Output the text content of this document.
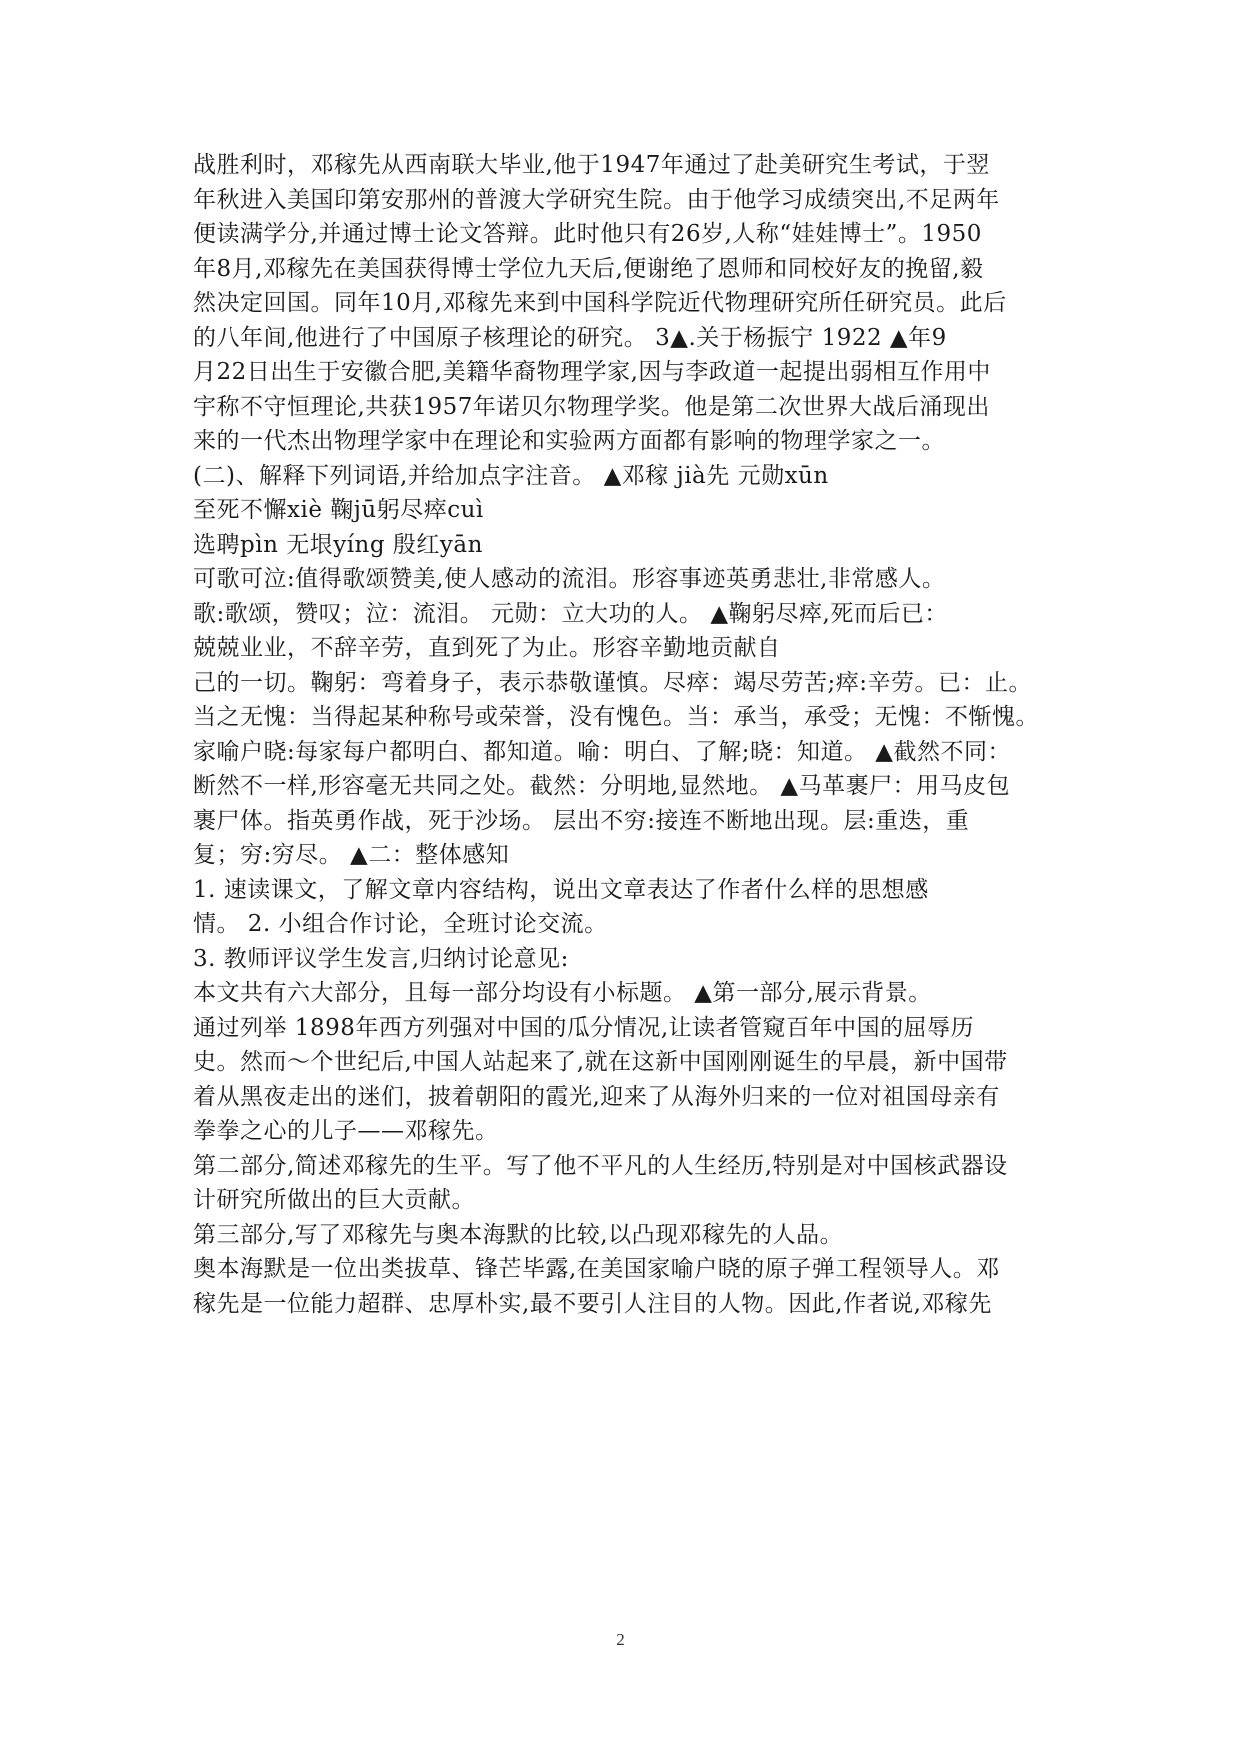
战胜利时，邓稼先从西南联大毕业,他于1947年通过了赴美研究生考试，于翌
年秋进入美国印第安那州的普渡大学研究生院。由于他学习成绩突出,不足两年
便读满学分,并通过博士论文答辩。此时他只有26岁,人称“娃娃博士”。1950
年8月,邓稼先在美国获得博士学位九天后,便谢绝了恩师和同校好友的挽留,毅
然决定回国。同年10月,邓稼先来到中国科学院近代物理研究所任研究员。此后
的八年间,他进行了中国原子核理论的研究。 3▲.关于杨振宁 1922 ▲年9
月22日出生于安徽合肥,美籍华裔物理学家,因与李政道一起提出弱相互作用中
宇称不守恒理论,共获1957年诺贝尔物理学奖。他是第二次世界大战后涌现出
来的一代杰出物理学家中在理论和实验两方面都有影响的物理学家之一。
(二)、解释下列词语,并给加点字注音。 ▲邓稼 jià先 元勋xūn
至死不懈xiè 鞠jū躬尽瘁cuì
选聘pìn 无垠yíng 殷红yān
可歌可泣:值得歌颂赞美,使人感动的流泪。形容事迹英勇悲壮,非常感人。
歌:歌颂，赞叹；泣：流泪。 元勋：立大功的人。 ▲鞠躬尽瘁,死而后已：
兢兢业业，不辞辛劳，直到死了为止。形容辛勤地贡献自
己的一切。鞠躬：弯着身子，表示恭敬谨慎。尽瘁：竭尽劳苦;瘁:辛劳。已：止。
当之无愧：当得起某种称号或荣誉，没有愧色。当：承当，承受；无愧：不惭愧。
家喻户晓:每家每户都明白、都知道。喻：明白、了解;晓：知道。 ▲截然不同：
断然不一样,形容毫无共同之处。截然：分明地,显然地。 ▲马革裹尸：用马皮包
裹尸体。指英勇作战，死于沙场。 层出不穷:接连不断地出现。层:重迭，重
复；穷:穷尽。 ▲二：整体感知
1. 速读课文，了解文章内容结构，说出文章表达了作者什么样的思想感
情。 2. 小组合作讨论，全班讨论交流。
3. 教师评议学生发言,归纳讨论意见:
本文共有六大部分，且每一部分均设有小标题。 ▲第一部分,展示背景。
通过列举 1898年西方列强对中国的瓜分情况,让读者管窥百年中国的屈辱历
史。然而～个世纪后,中国人站起来了,就在这新中国刚刚诞生的早晨，新中国带
着从黑夜走出的迷们，披着朝阳的霞光,迎来了从海外归来的一位对祖国母亲有
拳拳之心的儿子——邓稼先。
第二部分,简述邓稼先的生平。写了他不平凡的人生经历,特别是对中国核武器设
计研究所做出的巨大贡献。
第三部分,写了邓稼先与奥本海默的比较,以凸现邓稼先的人品。
奥本海默是一位出类拔草、锋芒毕露,在美国家喻户晓的原子弹工程领导人。邓
稼先是一位能力超群、忠厚朴实,最不要引人注目的人物。因此,作者说,邓稼先
2
